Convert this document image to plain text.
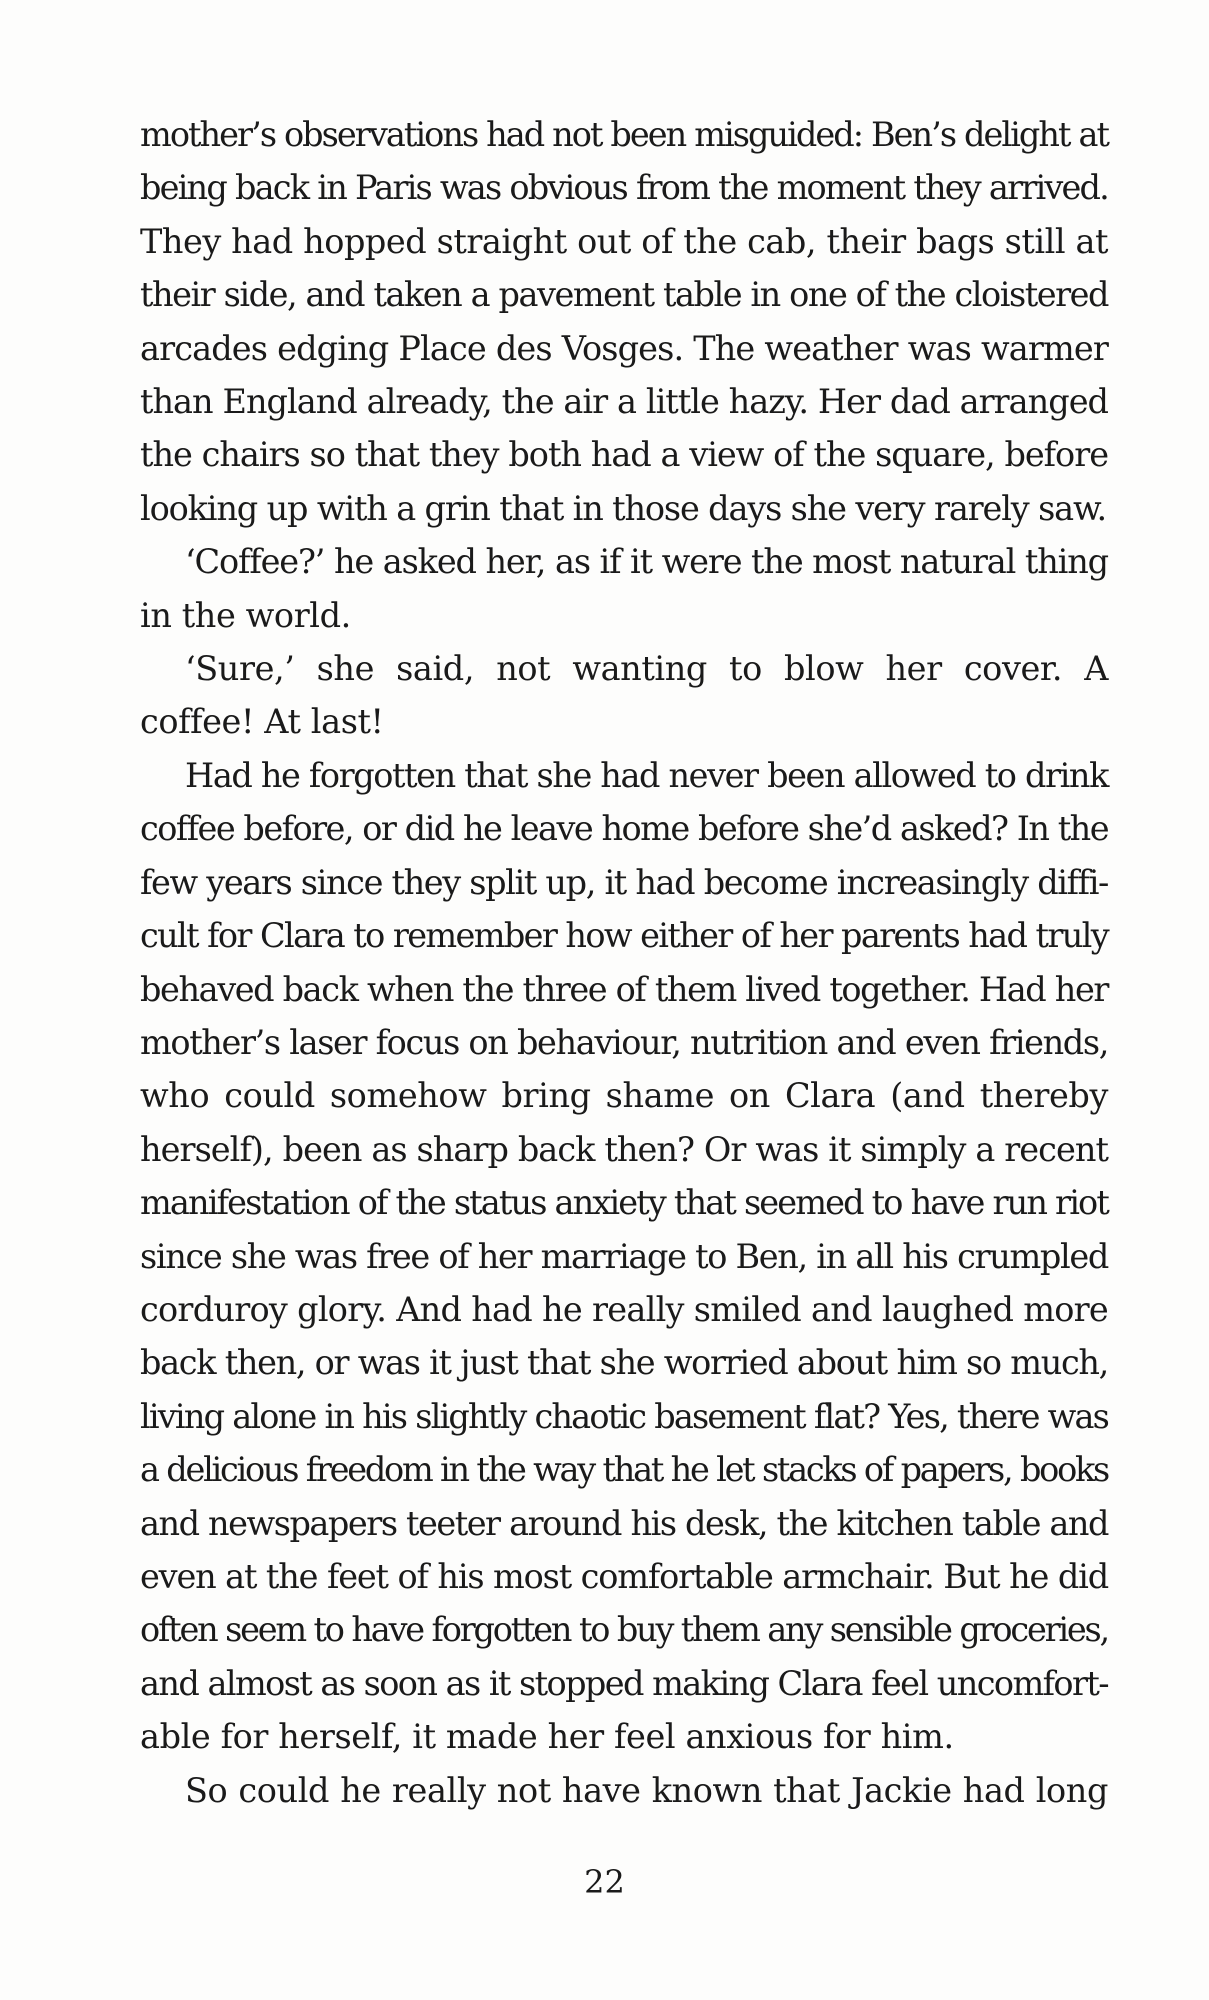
mother’s observations had not been misguided: Ben’s delight at
being back in Paris was obvious from the moment they arrived.
They had hopped straight out of the cab, their bags still at
their side, and taken a pavement table in one of the cloistered
arcades edging Place des Vosges. The weather was warmer
than England already, the air a little hazy. Her dad arranged
the chairs so that they both had a view of the square, before
looking up with a grin that in those days she very rarely saw.
‘Coffee?’ he asked her, as if it were the most natural thing
in the world.
‘Sure,’ she said, not wanting to blow her cover. A
coffee! At last!
Had he forgotten that she had never been allowed to drink
coffee before, or did he leave home before she’d asked? In the
few years since they split up, it had become increasingly diffi-
cult for Clara to remember how either of her parents had truly
behaved back when the three of them lived together. Had her
mother’s laser focus on behaviour, nutrition and even friends,
who could somehow bring shame on Clara (and thereby
herself), been as sharp back then? Or was it simply a recent
manifestation of the status anxiety that seemed to have run riot
since she was free of her marriage to Ben, in all his crumpled
corduroy glory. And had he really smiled and laughed more
back then, or was it just that she worried about him so much,
living alone in his slightly chaotic basement flat? Yes, there was
a delicious freedom in the way that he let stacks of papers, books
and newspapers teeter around his desk, the kitchen table and
even at the feet of his most comfortable armchair. But he did
often seem to have forgotten to buy them any sensible groceries,
and almost as soon as it stopped making Clara feel uncomfort-
able for herself, it made her feel anxious for him.
So could he really not have known that Jackie had long
22
